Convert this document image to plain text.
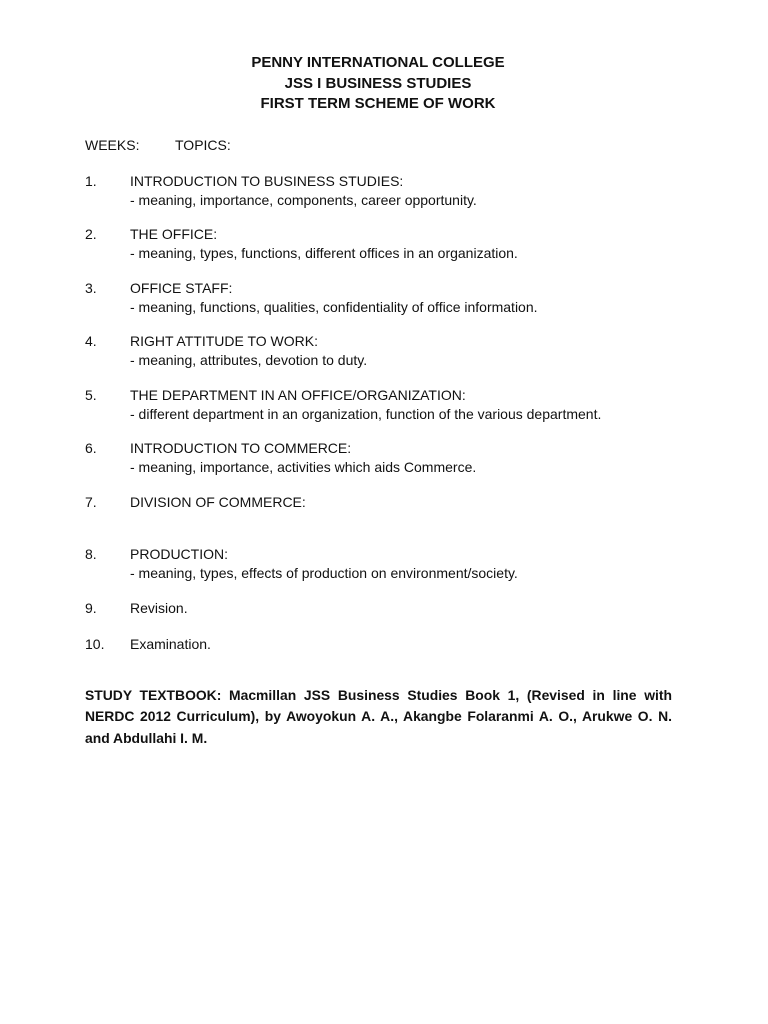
PENNY INTERNATIONAL COLLEGE
JSS I BUSINESS STUDIES
FIRST TERM SCHEME OF WORK
WEEKS:	TOPICS:
1. INTRODUCTION TO BUSINESS STUDIES:
- meaning, importance, components, career opportunity.
2. THE OFFICE:
- meaning, types, functions, different offices in an organization.
3. OFFICE STAFF:
- meaning, functions, qualities, confidentiality of office information.
4. RIGHT ATTITUDE TO WORK:
- meaning, attributes, devotion to duty.
5. THE DEPARTMENT IN AN OFFICE/ORGANIZATION:
- different department in an organization, function of the various department.
6. INTRODUCTION TO COMMERCE:
- meaning, importance, activities which aids Commerce.
7. DIVISION OF COMMERCE:
8. PRODUCTION:
- meaning, types, effects of production on environment/society.
9. Revision.
10. Examination.
STUDY TEXTBOOK: Macmillan JSS Business Studies Book 1, (Revised in line with NERDC 2012 Curriculum), by Awoyokun A. A., Akangbe Folaranmi A. O., Arukwe O. N. and Abdullahi I. M.
